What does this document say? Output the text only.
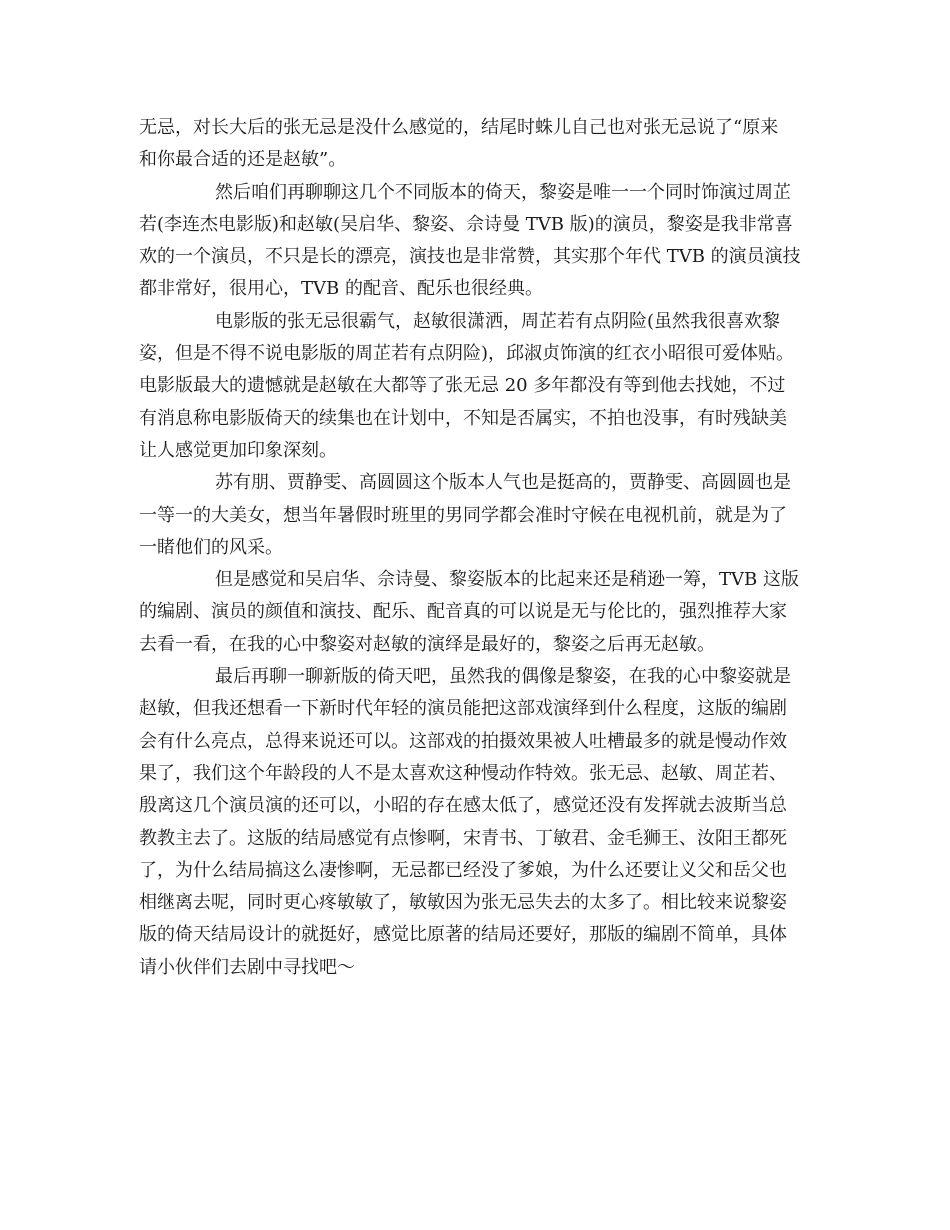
无忌，对长大后的张无忌是没什么感觉的，结尾时蛛儿自己也对张无忌说了“原来
和你最合适的还是赵敏”。
然后咱们再聊聊这几个不同版本的倚天，黎姿是唯一一个同时饰演过周芷
若(李连杰电影版)和赵敏(吴启华、黎姿、佘诗曼 TVB 版)的演员，黎姿是我非常喜
欢的一个演员，不只是长的漂亮，演技也是非常赞，其实那个年代 TVB 的演员演技
都非常好，很用心，TVB 的配音、配乐也很经典。
电影版的张无忌很霸气，赵敏很潇洒，周芷若有点阴险(虽然我很喜欢黎
姿，但是不得不说电影版的周芷若有点阴险)，邱淑贞饰演的红衣小昭很可爱体贴。
电影版最大的遗憾就是赵敏在大都等了张无忌 20 多年都没有等到他去找她，不过
有消息称电影版倚天的续集也在计划中，不知是否属实，不拍也没事，有时残缺美
让人感觉更加印象深刻。
苏有朋、贾静雯、高圆圆这个版本人气也是挺高的，贾静雯、高圆圆也是
一等一的大美女，想当年暑假时班里的男同学都会准时守候在电视机前，就是为了
一睹他们的风采。
但是感觉和吴启华、佘诗曼、黎姿版本的比起来还是稍逊一筹，TVB 这版
的编剧、演员的颜值和演技、配乐、配音真的可以说是无与伦比的，强烈推荐大家
去看一看，在我的心中黎姿对赵敏的演绎是最好的，黎姿之后再无赵敏。
最后再聊一聊新版的倚天吧，虽然我的偶像是黎姿，在我的心中黎姿就是
赵敏，但我还想看一下新时代年轻的演员能把这部戏演绎到什么程度，这版的编剧
会有什么亮点，总得来说还可以。这部戏的拍摄效果被人吐槽最多的就是慢动作效
果了，我们这个年龄段的人不是太喜欢这种慢动作特效。张无忌、赵敏、周芷若、
殷离这几个演员演的还可以，小昭的存在感太低了，感觉还没有发挥就去波斯当总
教教主去了。这版的结局感觉有点惨啊，宋青书、丁敏君、金毛狮王、汝阳王都死
了，为什么结局搞这么凄惨啊，无忌都已经没了爹娘，为什么还要让义父和岳父也
相继离去呢，同时更心疼敏敏了，敏敏因为张无忌失去的太多了。相比较来说黎姿
版的倚天结局设计的就挺好，感觉比原著的结局还要好，那版的编剧不简单，具体
请小伙伴们去剧中寻找吧～
